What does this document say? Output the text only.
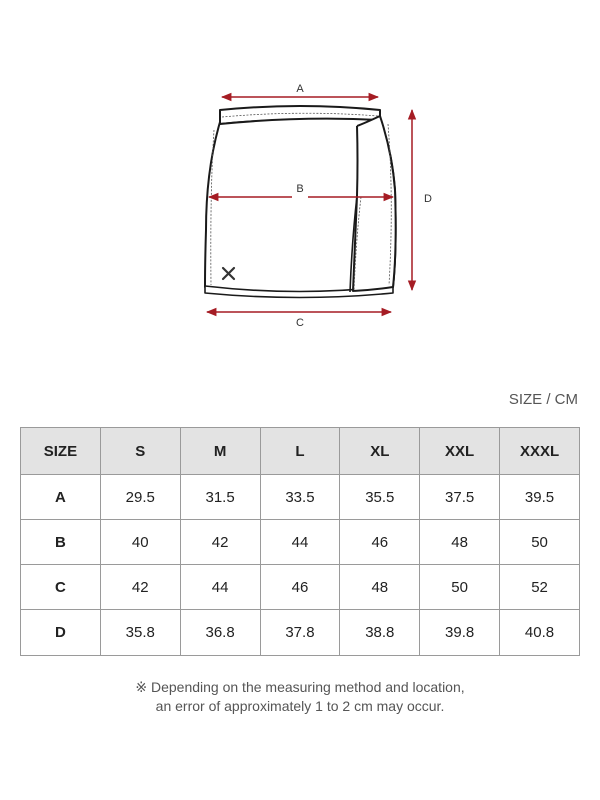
A
B
C
D
SIZE / CM
SIZE	S	M	L	XL	XXL	XXXL
A	29.5	31.5	33.5	35.5	37.5	39.5
B	40	42	44	46	48	50
C	42	44	46	48	50	52
D	35.8	36.8	37.8	38.8	39.8	40.8
※ Depending on the measuring method and location,
an error of approximately 1 to 2 cm may occur.
